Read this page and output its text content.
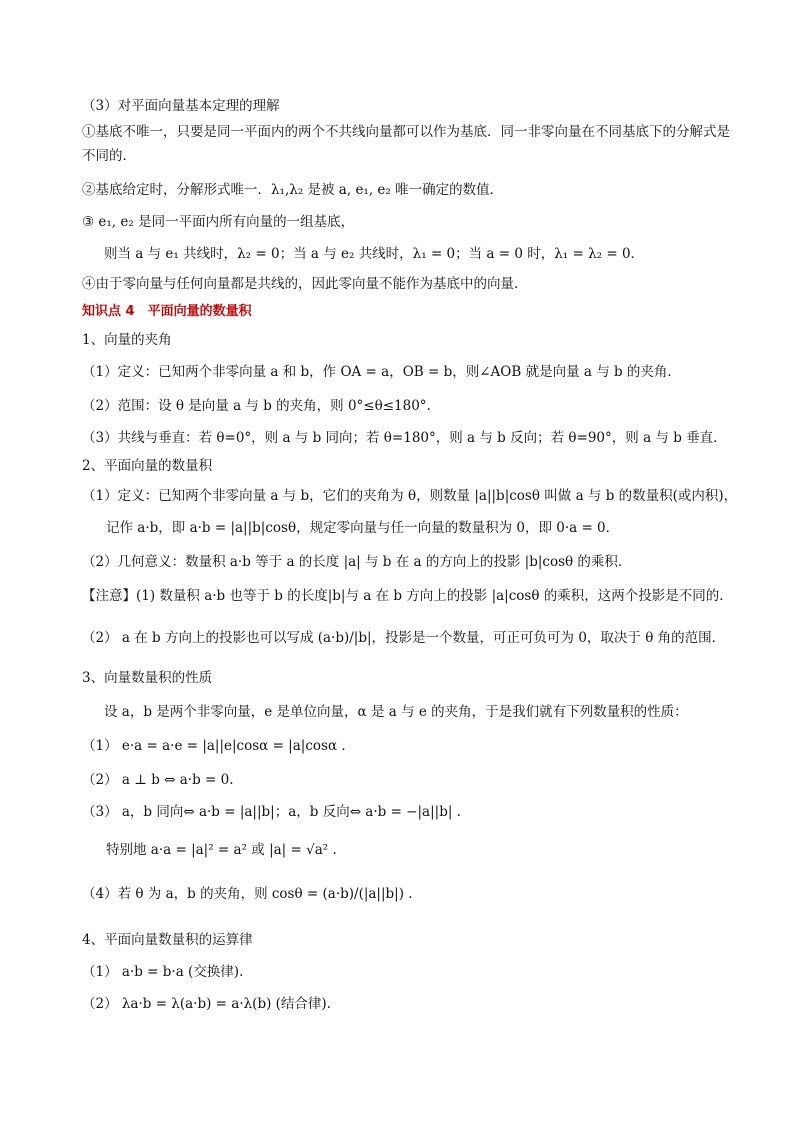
（3）对平面向量基本定理的理解
①基底不唯一，只要是同一平面内的两个不共线向量都可以作为基底．同一非零向量在不同基底下的分解式是不同的．
②基底给定时，分解形式唯一．λ₁,λ₂ 是被 a, e₁, e₂ 唯一确定的数值．
③ e₁, e₂ 是同一平面内所有向量的一组基底，
则当 a 与 e₁ 共线时，λ₂ = 0；当 a 与 e₂ 共线时，λ₁ = 0；当 a = 0 时，λ₁ = λ₂ = 0．
④由于零向量与任何向量都是共线的，因此零向量不能作为基底中的向量．
知识点 4　平面向量的数量积
1、向量的夹角
（1）定义：已知两个非零向量 a 和 b，作 OA = a，OB = b，则∠AOB 就是向量 a 与 b 的夹角．
（2）范围：设 θ 是向量 a 与 b 的夹角，则 0°≤θ≤180°.
（3）共线与垂直：若 θ=0°，则 a 与 b 同向；若 θ=180°，则 a 与 b 反向；若 θ=90°，则 a 与 b 垂直．
2、平面向量的数量积
（1）定义：已知两个非零向量 a 与 b，它们的夹角为 θ，则数量 |a||b|cosθ 叫做 a 与 b 的数量积(或内积)，
记作 a·b，即 a·b = |a||b|cosθ，规定零向量与任一向量的数量积为 0，即 0·a = 0．
（2）几何意义：数量积 a·b 等于 a 的长度 |a| 与 b 在 a 的方向上的投影 |b|cosθ 的乘积．
【注意】(1) 数量积 a·b 也等于 b 的长度|b|与 a 在 b 方向上的投影 |a|cosθ 的乘积，这两个投影是不同的．
（2） a 在 b 方向上的投影也可以写成 (a·b)/|b|，投影是一个数量，可正可负可为 0，取决于 θ 角的范围．
3、向量数量积的性质
设 a，b 是两个非零向量，e 是单位向量，α 是 a 与 e 的夹角，于是我们就有下列数量积的性质：
（1） e·a = a·e = |a||e|cosα = |a|cosα .
（2） a ⊥ b ⇔ a·b = 0.
（3） a，b 同向⇔ a·b = |a||b|；a，b 反向⇔ a·b = −|a||b| .
特别地 a·a = |a|² = a² 或 |a| = √a² .
（4）若 θ 为 a，b 的夹角，则 cosθ = (a·b)/(|a||b|) .
4、平面向量数量积的运算律
（1） a·b = b·a (交换律).
（2） λa·b = λ(a·b) = a·λ(b) (结合律).
